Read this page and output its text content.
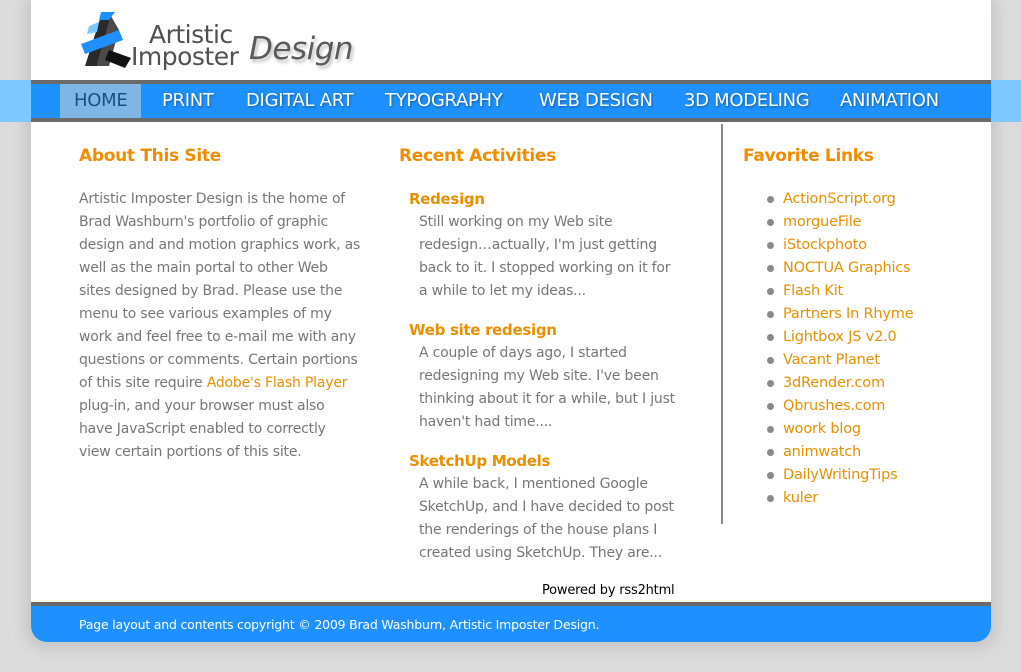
Artistic
Imposter Design
Page layout and contents copyright © 2009 Brad Washburn, Artistic Imposter Design.
About This Site
Artistic Imposter Design is the home of Brad Washburn's portfolio of graphic design and and motion graphics work, as well as the main portal to other Web sites designed by Brad. Please use the menu to see various examples of my work and feel free to e-mail me with any questions or comments. Certain portions of this site require Adobe's Flash Player plug-in, and your browser must also have JavaScript enabled to correctly view certain portions of this site.
Recent Activities
Redesign
Still working on my Web site redesign…actually, I'm just getting back to it. I stopped working on it for a while to let my ideas...
Web site redesign
A couple of days ago, I started redesigning my Web site. I've been thinking about it for a while, but I just haven't had time....
SketchUp Models
A while back, I mentioned Google SketchUp, and I have decided to post the renderings of the house plans I created using SketchUp. They are...
Powered by rss2html
Favorite Links
ActionScript.org
morgueFile
iStockphoto
NOCTUA Graphics
Flash Kit
Partners In Rhyme
Lightbox JS v2.0
Vacant Planet
3dRender.com
Qbrushes.com
woork blog
animwatch
DailyWritingTips
kuler
HOME	PRINT DIGITAL ART TYPOGRAPHY WEB DESIGN 3D MODELING ANIMATION
